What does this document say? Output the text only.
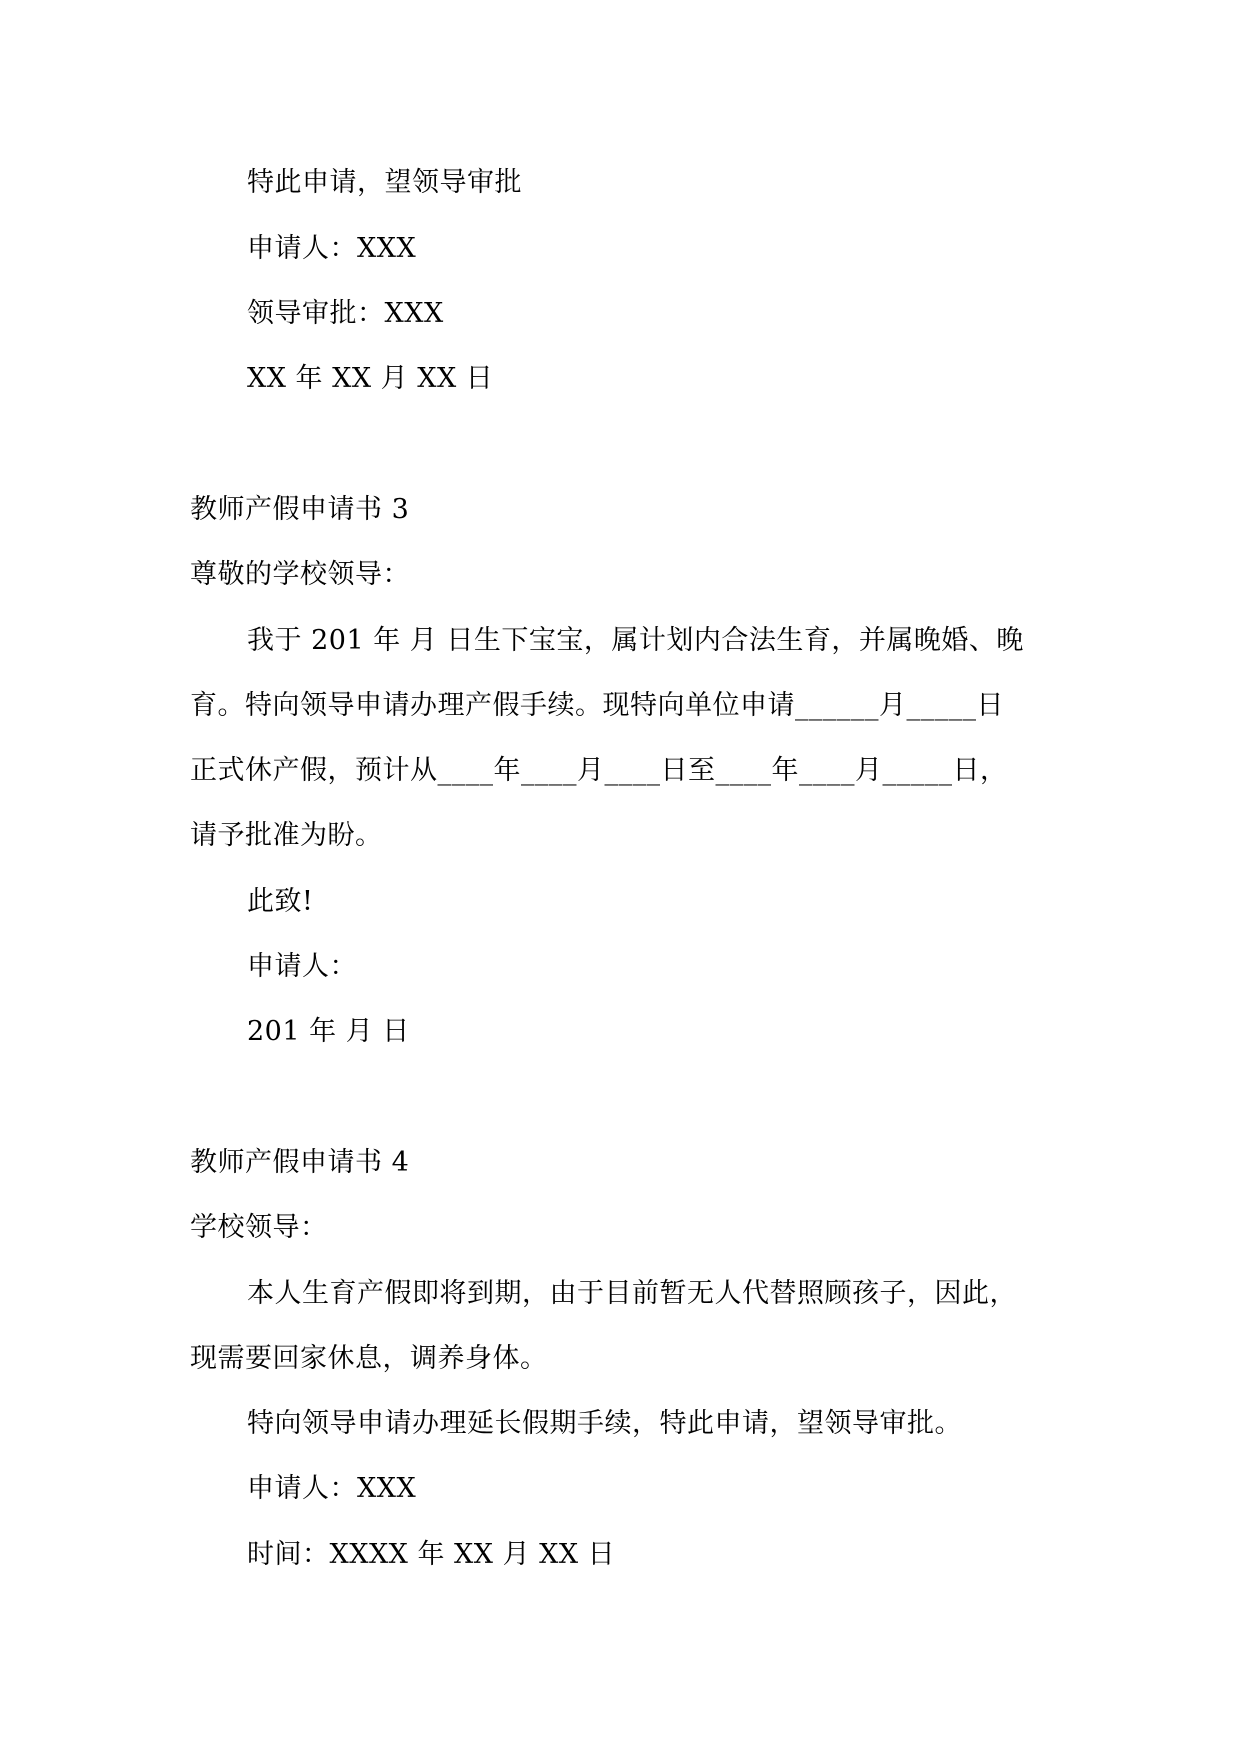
特此申请，望领导审批
申请人：XXX
领导审批：XXX
XX 年 XX 月 XX 日
教师产假申请书 3
尊敬的学校领导：
我于 201 年 月 日生下宝宝，属计划内合法生育，并属晚婚、晚
育。特向领导申请办理产假手续。现特向单位申请______月_____日
正式休产假，预计从____年____月____日至____年____月_____日，
请予批准为盼。
此致!
申请人：
201 年 月 日
教师产假申请书 4
学校领导：
本人生育产假即将到期，由于目前暂无人代替照顾孩子，因此，
现需要回家休息，调养身体。
特向领导申请办理延长假期手续，特此申请，望领导审批。
申请人：XXX
时间：XXXX 年 XX 月 XX 日
